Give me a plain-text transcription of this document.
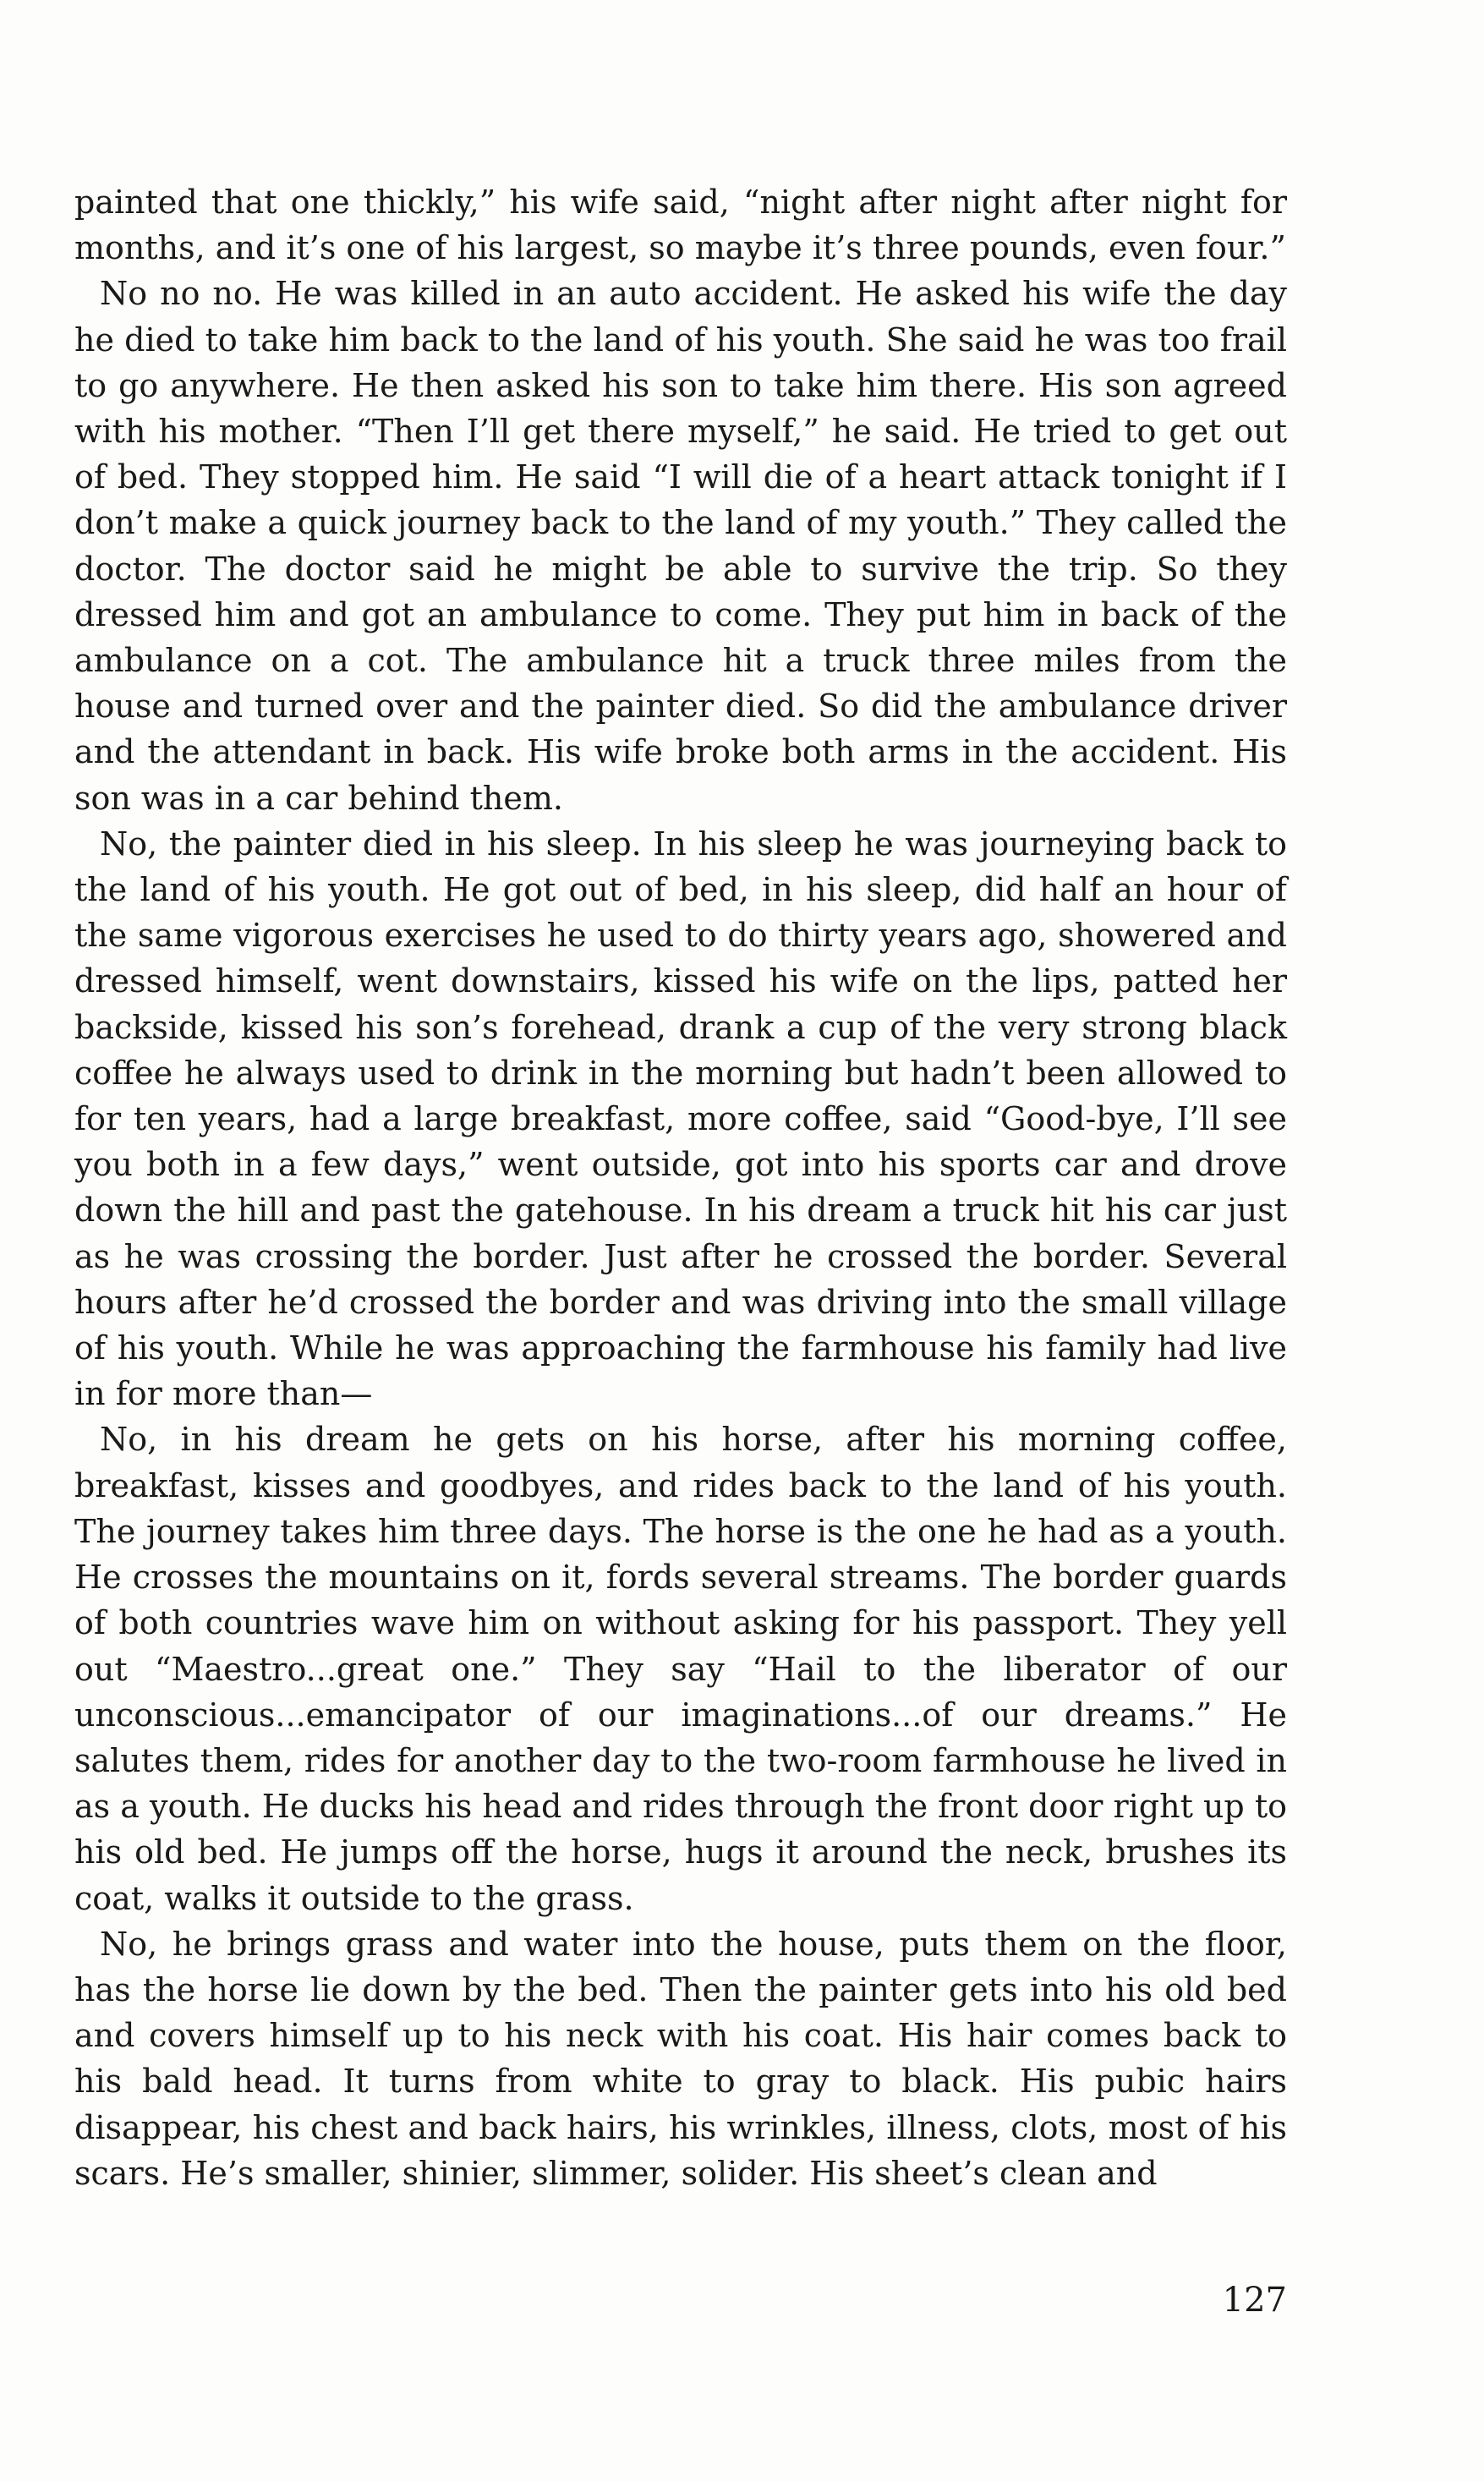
painted that one thickly,” his wife said, “night after night after night for months, and it’s one of his largest, so maybe it’s three pounds, even four.”

No no no. He was killed in an auto accident. He asked his wife the day he died to take him back to the land of his youth. She said he was too frail to go anywhere. He then asked his son to take him there. His son agreed with his mother. “Then I’ll get there myself,” he said. He tried to get out of bed. They stopped him. He said “I will die of a heart attack tonight if I don’t make a quick journey back to the land of my youth.” They called the doctor. The doctor said he might be able to survive the trip. So they dressed him and got an ambulance to come. They put him in back of the ambulance on a cot. The ambulance hit a truck three miles from the house and turned over and the painter died. So did the ambulance driver and the attendant in back. His wife broke both arms in the accident. His son was in a car behind them.

No, the painter died in his sleep. In his sleep he was journeying back to the land of his youth. He got out of bed, in his sleep, did half an hour of the same vigorous exercises he used to do thirty years ago, showered and dressed himself, went downstairs, kissed his wife on the lips, patted her backside, kissed his son’s forehead, drank a cup of the very strong black coffee he always used to drink in the morning but hadn’t been allowed to for ten years, had a large breakfast, more coffee, said “Good-bye, I’ll see you both in a few days,” went outside, got into his sports car and drove down the hill and past the gatehouse. In his dream a truck hit his car just as he was crossing the border. Just after he crossed the border. Several hours after he’d crossed the border and was driving into the small village of his youth. While he was approaching the farmhouse his family had live in for more than—

No, in his dream he gets on his horse, after his morning coffee, breakfast, kisses and goodbyes, and rides back to the land of his youth. The journey takes him three days. The horse is the one he had as a youth. He crosses the mountains on it, fords several streams. The border guards of both countries wave him on without asking for his passport. They yell out “Maestro...great one.” They say “Hail to the liberator of our unconscious...emancipator of our imaginations...of our dreams.” He salutes them, rides for another day to the two-room farmhouse he lived in as a youth. He ducks his head and rides through the front door right up to his old bed. He jumps off the horse, hugs it around the neck, brushes its coat, walks it outside to the grass.

No, he brings grass and water into the house, puts them on the floor, has the horse lie down by the bed. Then the painter gets into his old bed and covers himself up to his neck with his coat. His hair comes back to his bald head. It turns from white to gray to black. His pubic hairs disappear, his chest and back hairs, his wrinkles, illness, clots, most of his scars. He’s smaller, shinier, slimmer, solider. His sheet’s clean and

127
